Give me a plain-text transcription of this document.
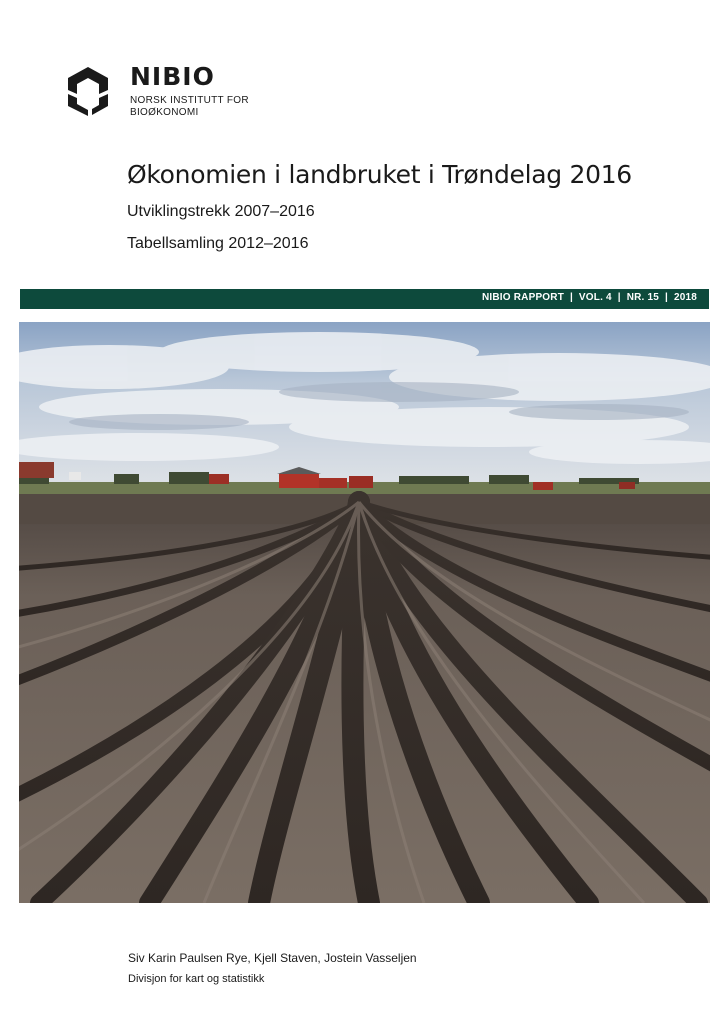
NIBIO
NORSK INSTITUTT FOR BIOØKONOMI
Økonomien i landbruket i Trøndelag 2016
Utviklingstrekk 2007–2016
Tabellsamling 2012–2016
NIBIO RAPPORT  |  VOL. 4  |  NR. 15  |  2018
Siv Karin Paulsen Rye, Kjell Staven, Jostein Vasseljen
Divisjon for kart og statistikk
